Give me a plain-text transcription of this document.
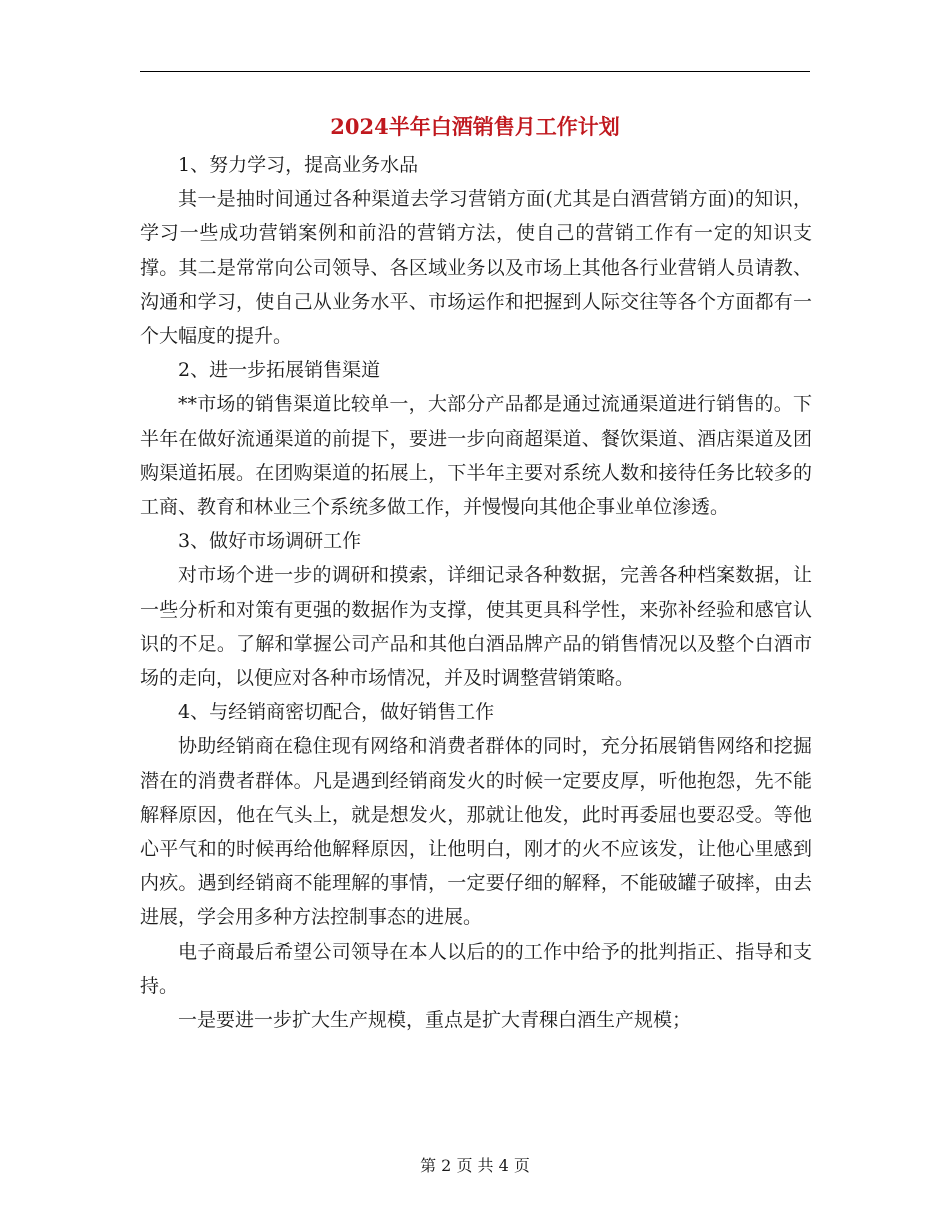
2024半年白酒销售月工作计划

1、努力学习，提高业务水品

其一是抽时间通过各种渠道去学习营销方面(尤其是白酒营销方面)的知识，学习一些成功营销案例和前沿的营销方法，使自己的营销工作有一定的知识支撑。其二是常常向公司领导、各区域业务以及市场上其他各行业营销人员请教、沟通和学习，使自己从业务水平、市场运作和把握到人际交往等各个方面都有一个大幅度的提升。

2、进一步拓展销售渠道

**市场的销售渠道比较单一，大部分产品都是通过流通渠道进行销售的。下半年在做好流通渠道的前提下，要进一步向商超渠道、餐饮渠道、酒店渠道及团购渠道拓展。在团购渠道的拓展上，下半年主要对系统人数和接待任务比较多的工商、教育和林业三个系统多做工作，并慢慢向其他企事业单位渗透。

3、做好市场调研工作

对市场个进一步的调研和摸索，详细记录各种数据，完善各种档案数据，让一些分析和对策有更强的数据作为支撑，使其更具科学性，来弥补经验和感官认识的不足。了解和掌握公司产品和其他白酒品牌产品的销售情况以及整个白酒市场的走向，以便应对各种市场情况，并及时调整营销策略。

4、与经销商密切配合，做好销售工作

协助经销商在稳住现有网络和消费者群体的同时，充分拓展销售网络和挖掘潜在的消费者群体。凡是遇到经销商发火的时候一定要皮厚，听他抱怨，先不能解释原因，他在气头上，就是想发火，那就让他发，此时再委屈也要忍受。等他心平气和的时候再给他解释原因，让他明白，刚才的火不应该发，让他心里感到内疚。遇到经销商不能理解的事情，一定要仔细的解释，不能破罐子破摔，由去进展，学会用多种方法控制事态的进展。

电子商最后希望公司领导在本人以后的的工作中给予的批判指正、指导和支持。

一是要进一步扩大生产规模，重点是扩大青稞白酒生产规模；

第 2 页 共 4 页
